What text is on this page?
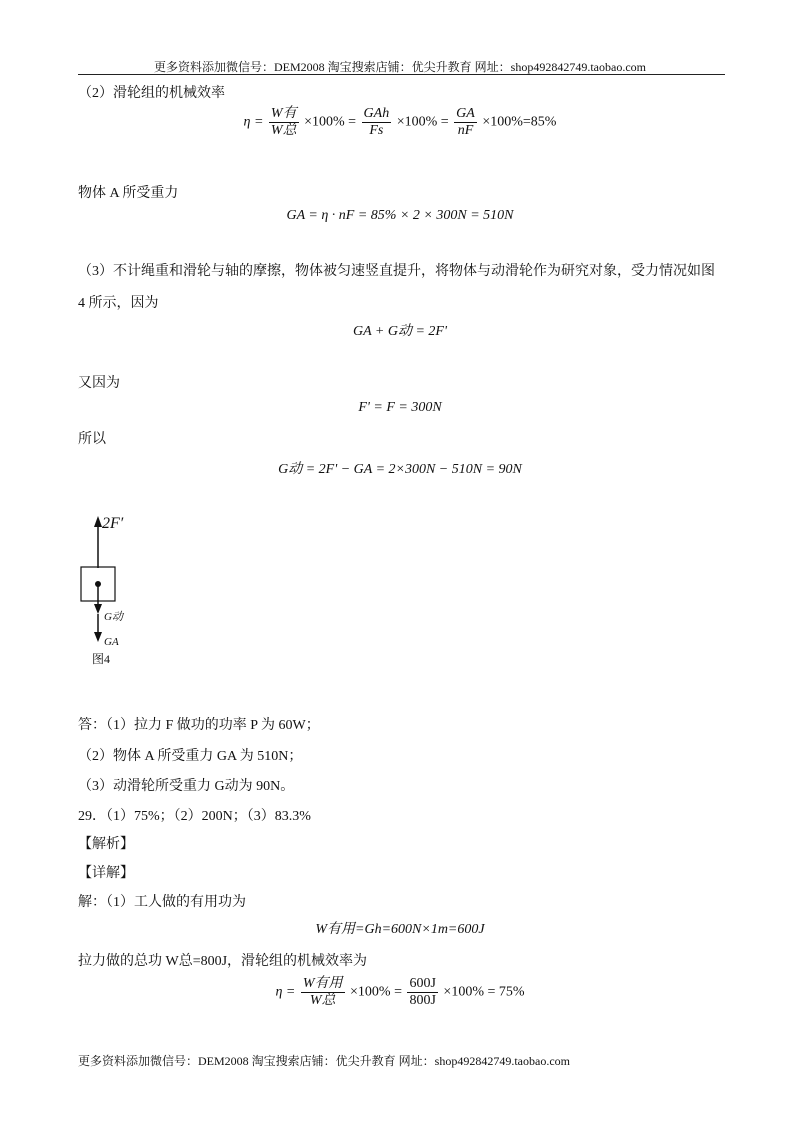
更多资料添加微信号：DEM2008 淘宝搜索店铺：优尖升教育 网址：shop492842749.taobao.com
（2）滑轮组的机械效率
$\eta = \frac{\text{W有}}{\text{W总}} \times 100\% = \frac{\text{GAh}}{Fs} \times 100\% = \frac{GA}{nF} \times 100\%=85\%$
物体 A 所受重力
GA = η · nF = 85% × 2 × 300N = 510N
（3）不计绳重和滑轮与轴的摩擦，物体被匀速竖直提升，将物体与动滑轮作为研究对象，受力情况如图
4 所示，因为
GA + G动 = 2F'
又因为
F' = F = 300N
所以
G动 = 2F' − GA = 2×300N − 510N = 90N
2F′
G动
GA
图4
答：（1）拉力 F 做功的功率 P 为 60W；
（2）物体 A 所受重力 GA 为 510N；
（3）动滑轮所受重力 G动为 90N。
29．（1）75%；（2）200N；（3）83.3%
【解析】
【详解】
解：（1）工人做的有用功为
W有用=Gh=600N×1m=600J
拉力做的总功 W总=800J，滑轮组的机械效率为
$\eta = \frac{\text{W有用}}{\text{W总}} \times 100\% = \frac{600J}{800J} \times 100\% = 75\%$
更多资料添加微信号：DEM2008 淘宝搜索店铺：优尖升教育 网址：shop492842749.taobao.com
